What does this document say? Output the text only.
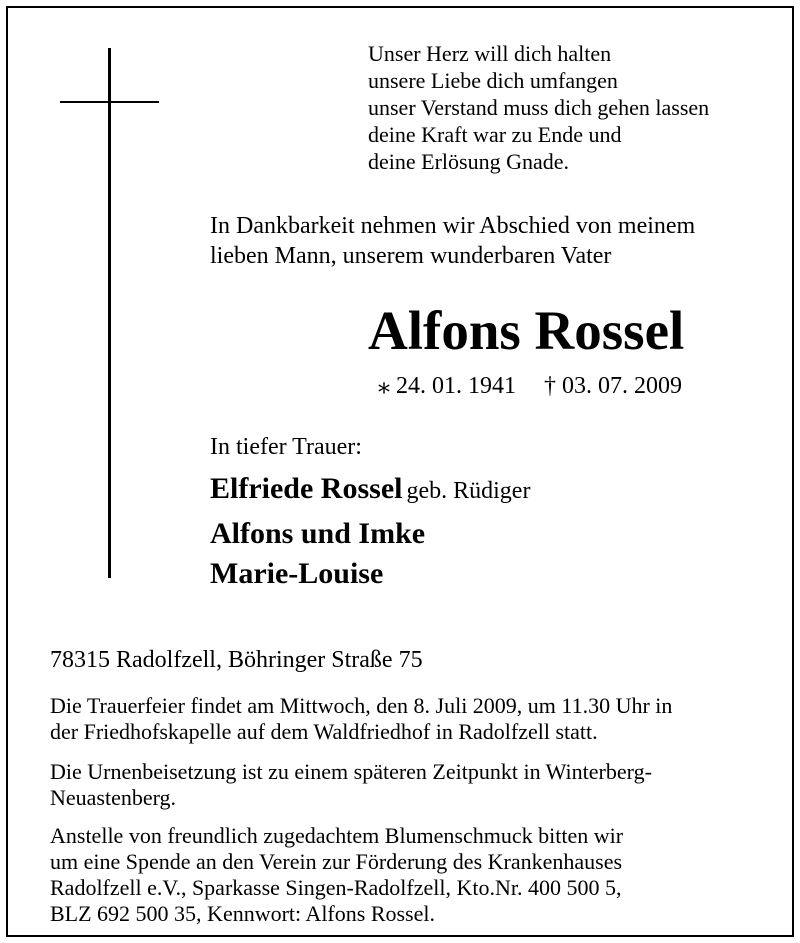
Unser Herz will dich halten
unsere Liebe dich umfangen
unser Verstand muss dich gehen lassen
deine Kraft war zu Ende und
deine Erlösung Gnade.
In Dankbarkeit nehmen wir Abschied von meinem
lieben Mann, unserem wunderbaren Vater
Alfons Rossel
⁎ 24. 01. 1941 † 03. 07. 2009
In tiefer Trauer:
Elfriede Rossel geb. Rüdiger
Alfons und Imke
Marie-Louise
78315 Radolfzell, Böhringer Straße 75
Die Trauerfeier findet am Mittwoch, den 8. Juli 2009, um 11.30 Uhr in
der Friedhofskapelle auf dem Waldfriedhof in Radolfzell statt.
Die Urnenbeisetzung ist zu einem späteren Zeitpunkt in Winterberg-
Neuastenberg.
Anstelle von freundlich zugedachtem Blumenschmuck bitten wir
um eine Spende an den Verein zur Förderung des Krankenhauses
Radolfzell e.V., Sparkasse Singen-Radolfzell, Kto.Nr. 400 500 5,
BLZ 692 500 35, Kennwort: Alfons Rossel.
